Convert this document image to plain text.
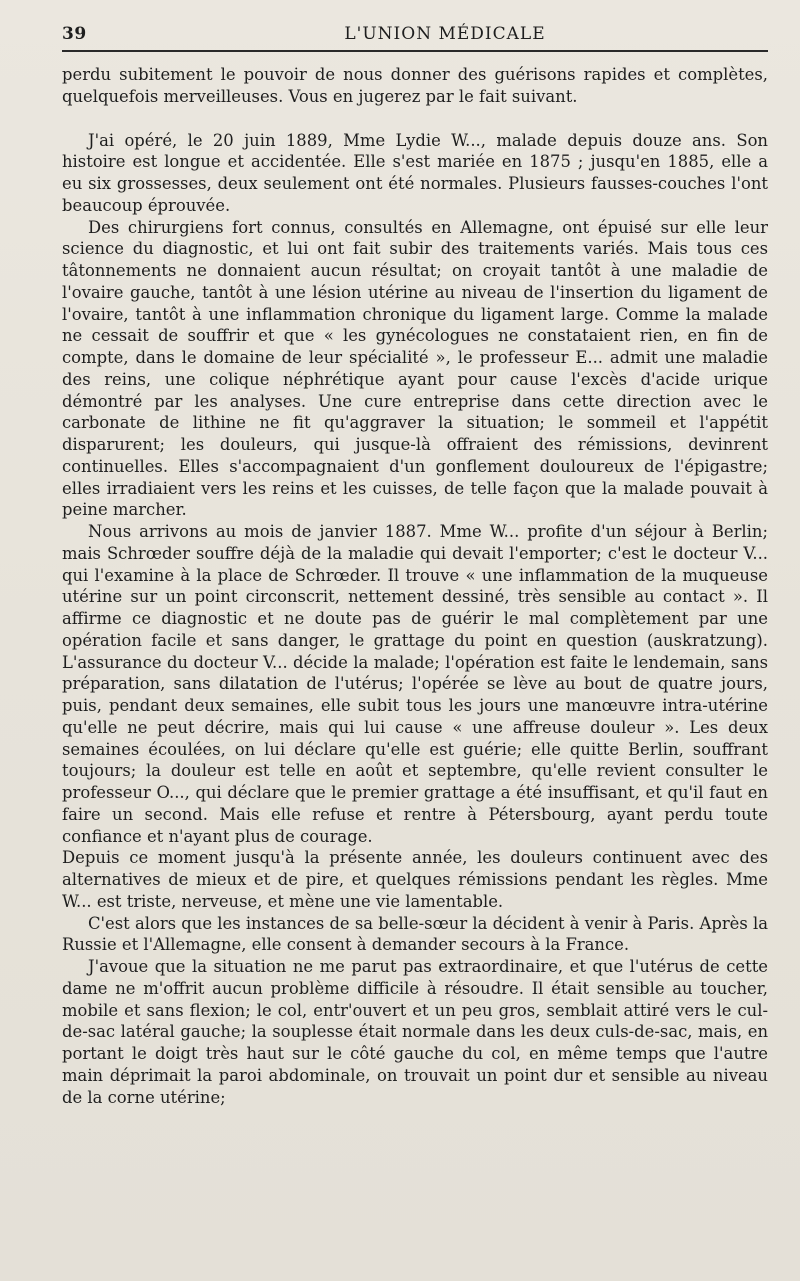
39	L'UNION MÉDICALE

perdu subitement le pouvoir de nous donner des guérisons rapides et complètes, quelquefois merveilleuses. Vous en jugerez par le fait suivant.

J'ai opéré, le 20 juin 1889, Mme Lydie W..., malade depuis douze ans. Son histoire est longue et accidentée. Elle s'est mariée en 1875 ; jusqu'en 1885, elle a eu six grossesses, deux seulement ont été normales. Plusieurs fausses-couches l'ont beaucoup éprouvée.

Des chirurgiens fort connus, consultés en Allemagne, ont épuisé sur elle leur science du diagnostic, et lui ont fait subir des traitements variés. Mais tous ces tâtonnements ne donnaient aucun résultat; on croyait tantôt à une maladie de l'ovaire gauche, tantôt à une lésion utérine au niveau de l'insertion du ligament de l'ovaire, tantôt à une inflammation chronique du ligament large. Comme la malade ne cessait de souffrir et que « les gynécologues ne constataient rien, en fin de compte, dans le domaine de leur spécialité », le professeur E... admit une maladie des reins, une colique néphrétique ayant pour cause l'excès d'acide urique démontré par les analyses. Une cure entreprise dans cette direction avec le carbonate de lithine ne fit qu'aggraver la situation; le sommeil et l'appétit disparurent; les douleurs, qui jusque-là offraient des rémissions, devinrent continuelles. Elles s'accompagnaient d'un gonflement douloureux de l'épigastre; elles irradiaient vers les reins et les cuisses, de telle façon que la malade pouvait à peine marcher.

Nous arrivons au mois de janvier 1887. Mme W... profite d'un séjour à Berlin; mais Schrœder souffre déjà de la maladie qui devait l'emporter; c'est le docteur V... qui l'examine à la place de Schrœder. Il trouve « une inflammation de la muqueuse utérine sur un point circonscrit, nettement dessiné, très sensible au contact ». Il affirme ce diagnostic et ne doute pas de guérir le mal complètement par une opération facile et sans danger, le grattage du point en question (auskratzung). L'assurance du docteur V... décide la malade; l'opération est faite le lendemain, sans préparation, sans dilatation de l'utérus; l'opérée se lève au bout de quatre jours, puis, pendant deux semaines, elle subit tous les jours une manœuvre intra-utérine qu'elle ne peut décrire, mais qui lui cause « une affreuse douleur ». Les deux semaines écoulées, on lui déclare qu'elle est guérie; elle quitte Berlin, souffrant toujours; la douleur est telle en août et septembre, qu'elle revient consulter le professeur O..., qui déclare que le premier grattage a été insuffisant, et qu'il faut en faire un second. Mais elle refuse et rentre à Pétersbourg, ayant perdu toute confiance et n'ayant plus de courage.

Depuis ce moment jusqu'à la présente année, les douleurs continuent avec des alternatives de mieux et de pire, et quelques rémissions pendant les règles. Mme W... est triste, nerveuse, et mène une vie lamentable.

C'est alors que les instances de sa belle-sœur la décident à venir à Paris. Après la Russie et l'Allemagne, elle consent à demander secours à la France.

J'avoue que la situation ne me parut pas extraordinaire, et que l'utérus de cette dame ne m'offrit aucun problème difficile à résoudre. Il était sensible au toucher, mobile et sans flexion; le col, entr'ouvert et un peu gros, semblait attiré vers le cul-de-sac latéral gauche; la souplesse était normale dans les deux culs-de-sac, mais, en portant le doigt très haut sur le côté gauche du col, en même temps que l'autre main déprimait la paroi abdominale, on trouvait un point dur et sensible au niveau de la corne utérine;
